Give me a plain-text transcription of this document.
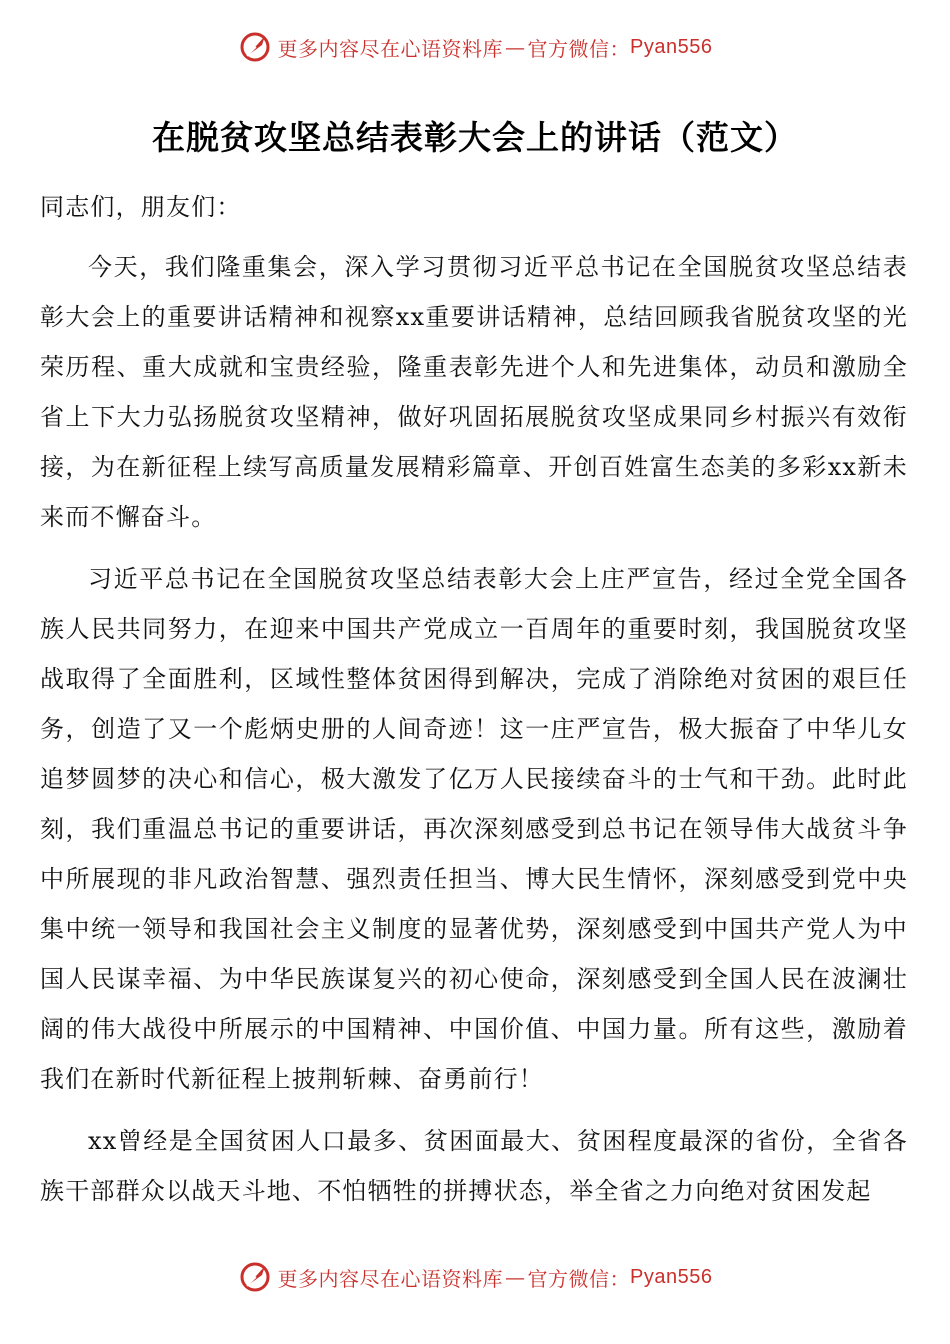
更多内容尽在心语资料库 — 官方微信： Pyan556
在脱贫攻坚总结表彰大会上的讲话（范文）

同志们，朋友们：

今天，我们隆重集会，深入学习贯彻习近平总书记在全国脱贫攻坚总结表彰大会上的重要讲话精神和视察xx重要讲话精神，总结回顾我省脱贫攻坚的光荣历程、重大成就和宝贵经验，隆重表彰先进个人和先进集体，动员和激励全省上下大力弘扬脱贫攻坚精神，做好巩固拓展脱贫攻坚成果同乡村振兴有效衔接，为在新征程上续写高质量发展精彩篇章、开创百姓富生态美的多彩xx新未来而不懈奋斗。

习近平总书记在全国脱贫攻坚总结表彰大会上庄严宣告，经过全党全国各族人民共同努力，在迎来中国共产党成立一百周年的重要时刻，我国脱贫攻坚战取得了全面胜利，区域性整体贫困得到解决，完成了消除绝对贫困的艰巨任务，创造了又一个彪炳史册的人间奇迹！这一庄严宣告，极大振奋了中华儿女追梦圆梦的决心和信心，极大激发了亿万人民接续奋斗的士气和干劲。此时此刻，我们重温总书记的重要讲话，再次深刻感受到总书记在领导伟大战贫斗争中所展现的非凡政治智慧、强烈责任担当、博大民生情怀，深刻感受到党中央集中统一领导和我国社会主义制度的显著优势，深刻感受到中国共产党人为中国人民谋幸福、为中华民族谋复兴的初心使命，深刻感受到全国人民在波澜壮阔的伟大战役中所展示的中国精神、中国价值、中国力量。所有这些，激励着我们在新时代新征程上披荆斩棘、奋勇前行！

xx曾经是全国贫困人口最多、贫困面最大、贫困程度最深的省份，全省各族干部群众以战天斗地、不怕牺牲的拼搏状态，举全省之力向绝对贫困发起

更多内容尽在心语资料库 — 官方微信： Pyan556
